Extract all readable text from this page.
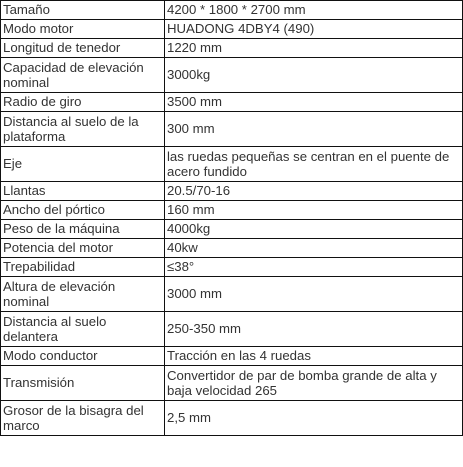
Tamaño	4200 * 1800 * 2700 mm
Modo motor	HUADONG 4DBY4 (490)
Longitud de tenedor	1220 mm
Capacidad de elevación nominal	3000kg
Radio de giro	3500 mm
Distancia al suelo de la plataforma	300 mm
Eje	las ruedas pequeñas se centran en el puente de acero fundido
Llantas	20.5/70-16
Ancho del pórtico	160 mm
Peso de la máquina	4000kg
Potencia del motor	40kw
Trepabilidad	≤38°
Altura de elevación nominal	3000 mm
Distancia al suelo delantera	250-350 mm
Modo conductor	Tracción en las 4 ruedas
Transmisión	Convertidor de par de bomba grande de alta y baja velocidad 265
Grosor de la bisagra del marco	2,5 mm
